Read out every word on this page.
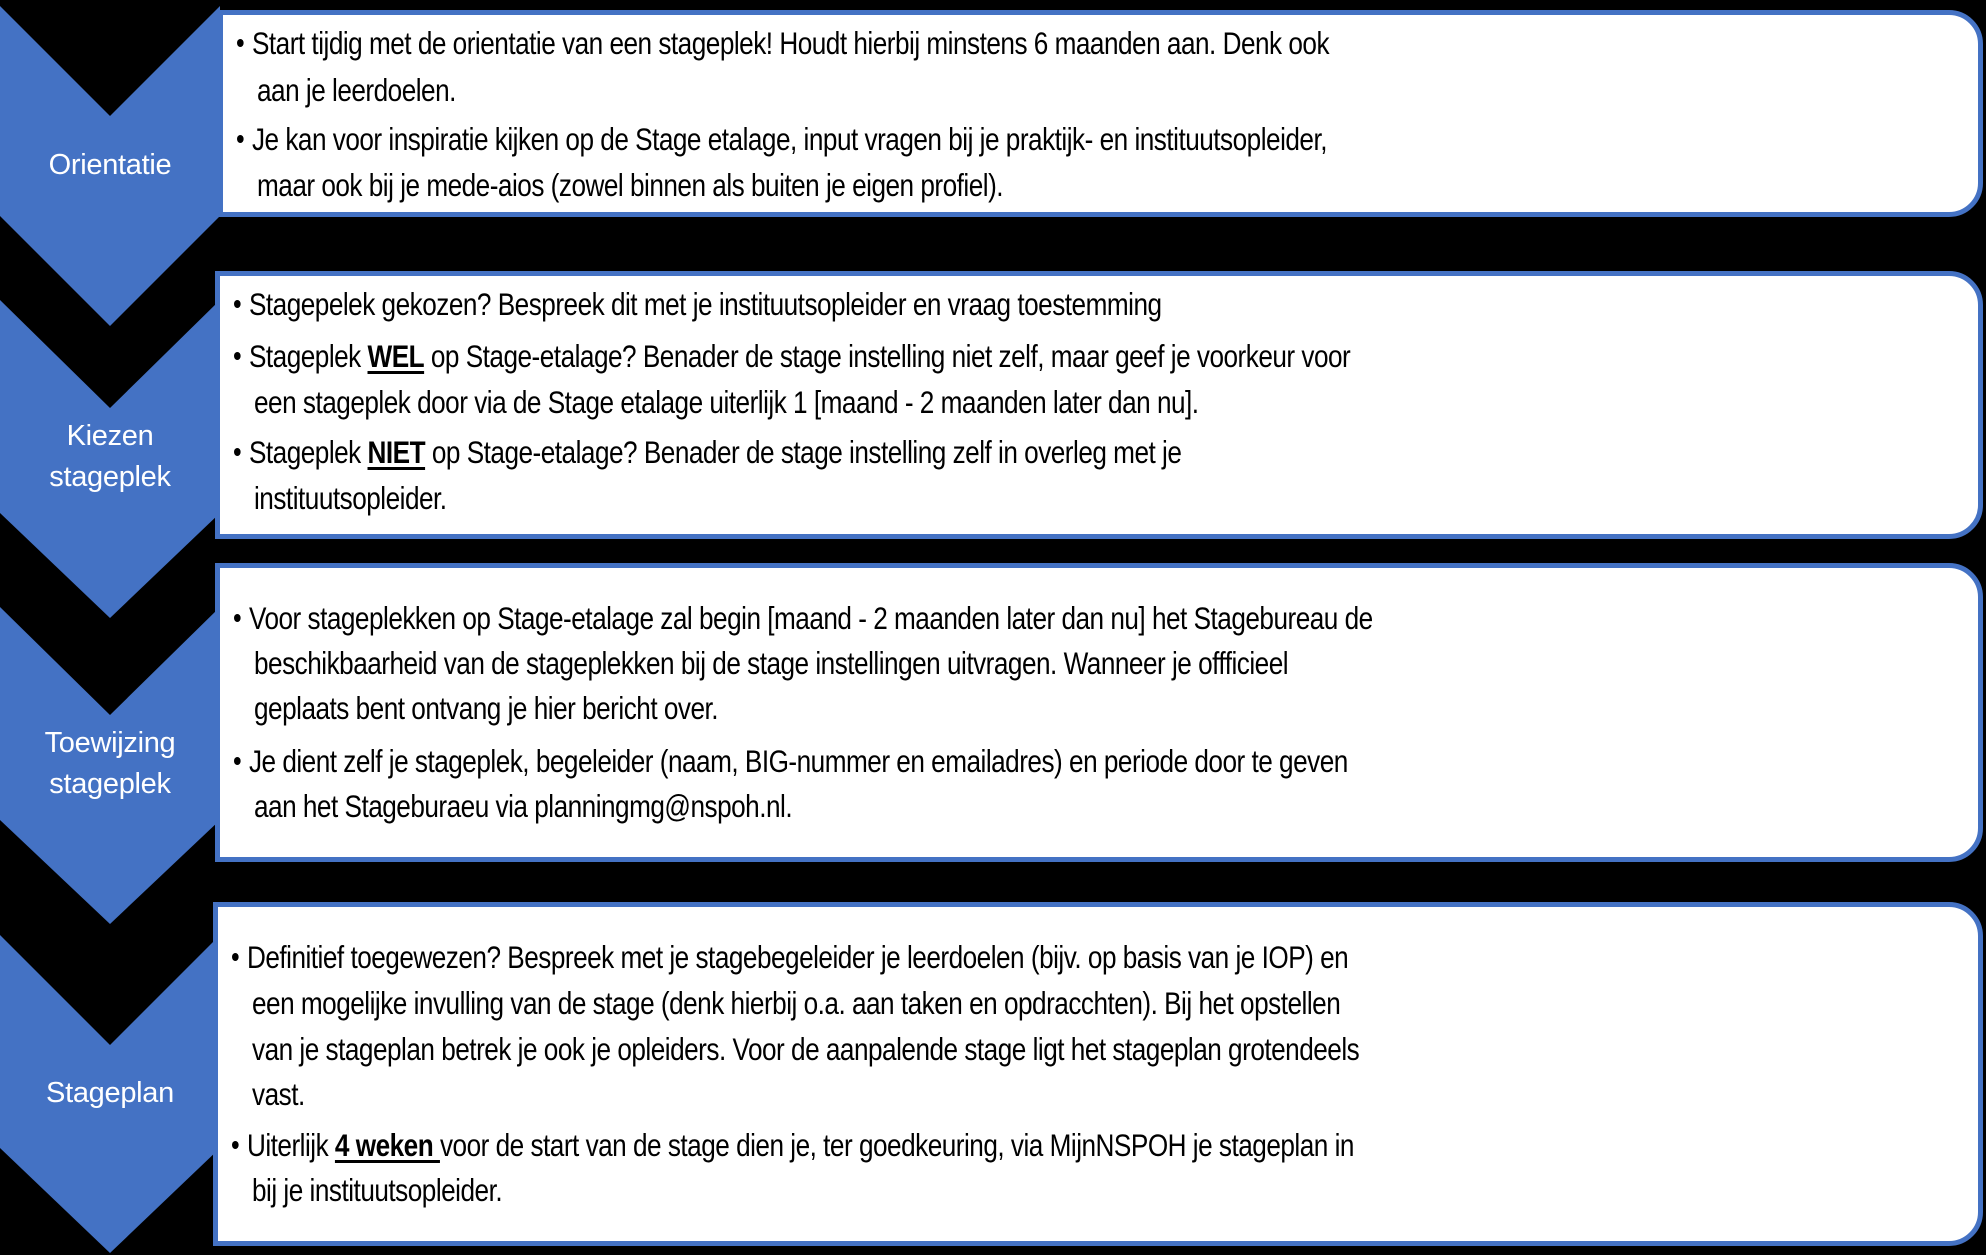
Orientatie
Kiezen
stageplek
Toewijzing
stageplek
Stageplan
Start tijdig met de orientatie van een stageplek! Houdt hierbij minstens 6 maanden aan. Denk ook
aan je leerdoelen.
Je kan voor inspiratie kijken op de Stage etalage, input vragen bij je praktijk- en instituutsopleider,
maar ook bij je mede-aios (zowel binnen als buiten je eigen profiel).
Stagepelek gekozen? Bespreek dit met je instituutsopleider en vraag toestemming
Stageplek WEL op Stage-etalage? Benader de stage instelling niet zelf, maar geef je voorkeur voor
een stageplek door via de Stage etalage uiterlijk 1 [maand - 2 maanden later dan nu].
Stageplek NIET op Stage-etalage? Benader de stage instelling zelf in overleg met je
instituutsopleider.
Voor stageplekken op Stage-etalage zal begin [maand - 2 maanden later dan nu] het Stagebureau de
beschikbaarheid van de stageplekken bij de stage instellingen uitvragen. Wanneer je offficieel
geplaats bent ontvang je hier bericht over.
Je dient zelf je stageplek, begeleider (naam, BIG-nummer en emailadres) en periode door te geven
aan het Stageburaeu via planningmg@nspoh.nl.
Definitief toegewezen? Bespreek met je stagebegeleider je leerdoelen (bijv. op basis van je IOP) en
een mogelijke invulling van de stage (denk hierbij o.a. aan taken en opdracchten). Bij het opstellen
van je stageplan betrek je ook je opleiders. Voor de aanpalende stage ligt het stageplan grotendeels
vast.
Uiterlijk 4 weken voor de start van de stage dien je, ter goedkeuring, via MijnNSPOH je stageplan in
bij je instituutsopleider.
